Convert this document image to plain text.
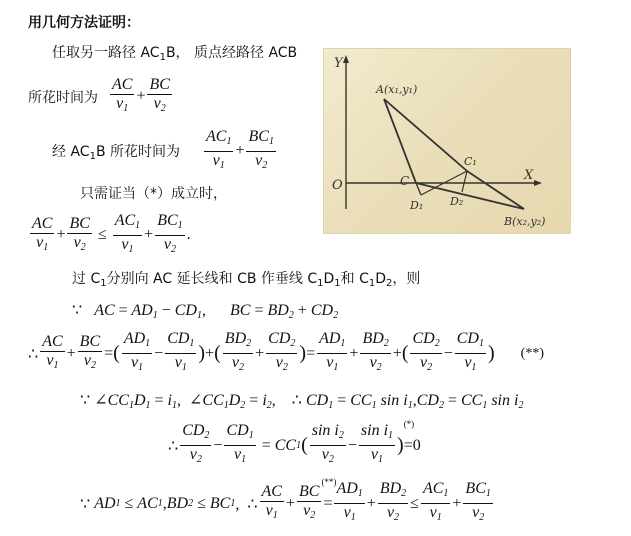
用几何方法证明：
任取另一路径 $AC_1B$， 质点经路径 ACB
所花时间为 $\frac{AC}{v_1} + \frac{BC}{v_2}$
经 $AC_1B$ 所花时间为 $\frac{AC_1}{v_1} + \frac{BC_1}{v_2}$
只需证当（*）成立时，
$\frac{AC}{v_1} + \frac{BC}{v_2} \le \frac{AC_1}{v_1} + \frac{BC_1}{v_2}$ .
过 $C_1$分别向 AC 延长线和 CB 作垂线 $C_1D_1$和 $C_1D_2$，则
∵   AC = $AD_1 - CD_1$,      BC = $BD_2 + CD_2$
∴ $\frac{AC}{v_1} + \frac{BC}{v_2}$ = ( $\frac{AD_1}{v_1} - \frac{CD_1}{v_1}$ ) + ( $\frac{BD_2}{v_2} + \frac{CD_2}{v_2}$ ) = $\frac{AD_1}{v_1} + \frac{BD_2}{v_2}$ + ( $\frac{CD_2}{v_2} - \frac{CD_1}{v_1}$ ) (**)
∵ $\angle CC_1D_1 = i_1$,  $\angle CC_1D_2 = i_2$,    ∴ $CD_1 = CC_1$ $\sin i_1,CD_2 = CC_1$ $\sin i_2$
∴ $\frac{CD_2}{v_2} - \frac{CD_1}{v_1}$ = CC 1 ( $\frac{\sin i_2}{v_2} - \frac{\sin i_1}{v_1}$ )
(*)
= 0
∵ AD 1 ≤ AC 1 , BD 2 ≤ BC 1 ,  ∴ $\frac{AC}{v_1} + \frac{BC}{v_2}$
(**)
= $\frac{AD_1}{v_1} + \frac{BD_2}{v_2} \le \frac{AC_1}{v_1} + \frac{BC_1}{v_2}$
Y
X
O
A(x₁,y₁)
B(x₂,y₂)
C
C₁
D₁ D₂
